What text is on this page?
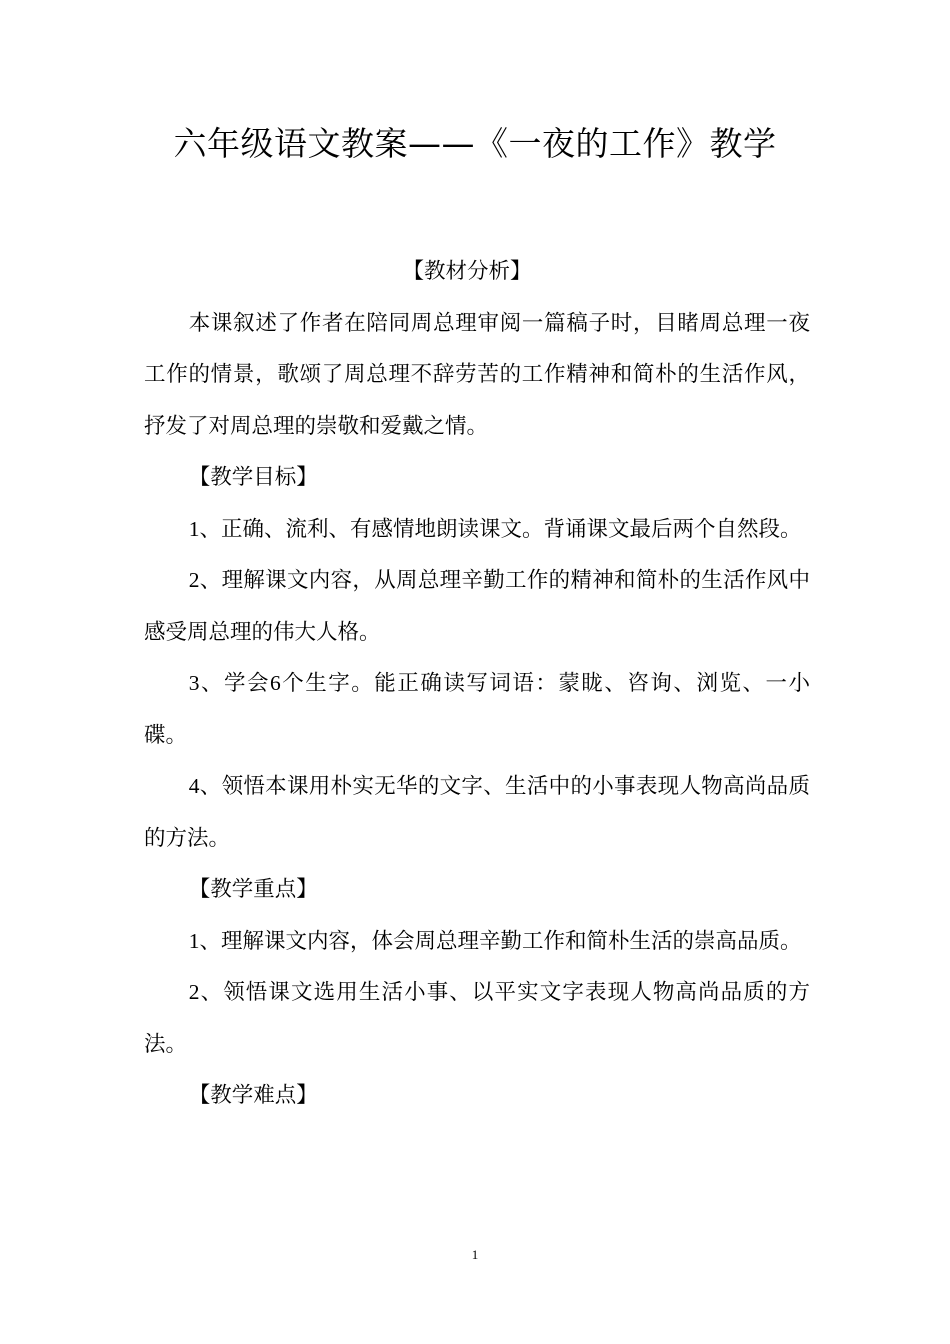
六年级语文教案——《一夜的工作》教学

【教材分析】

本课叙述了作者在陪同周总理审阅一篇稿子时，目睹周总理一夜工作的情景，歌颂了周总理不辞劳苦的工作精神和简朴的生活作风，抒发了对周总理的崇敬和爱戴之情。

【教学目标】

1、正确、流利、有感情地朗读课文。背诵课文最后两个自然段。

2、理解课文内容，从周总理辛勤工作的精神和简朴的生活作风中感受周总理的伟大人格。

3、学会6个生字。能正确读写词语：蒙眬、咨询、浏览、一小碟。

4、领悟本课用朴实无华的文字、生活中的小事表现人物高尚品质的方法。

【教学重点】

1、理解课文内容，体会周总理辛勤工作和简朴生活的崇高品质。

2、领悟课文选用生活小事、以平实文字表现人物高尚品质的方法。

【教学难点】

1
